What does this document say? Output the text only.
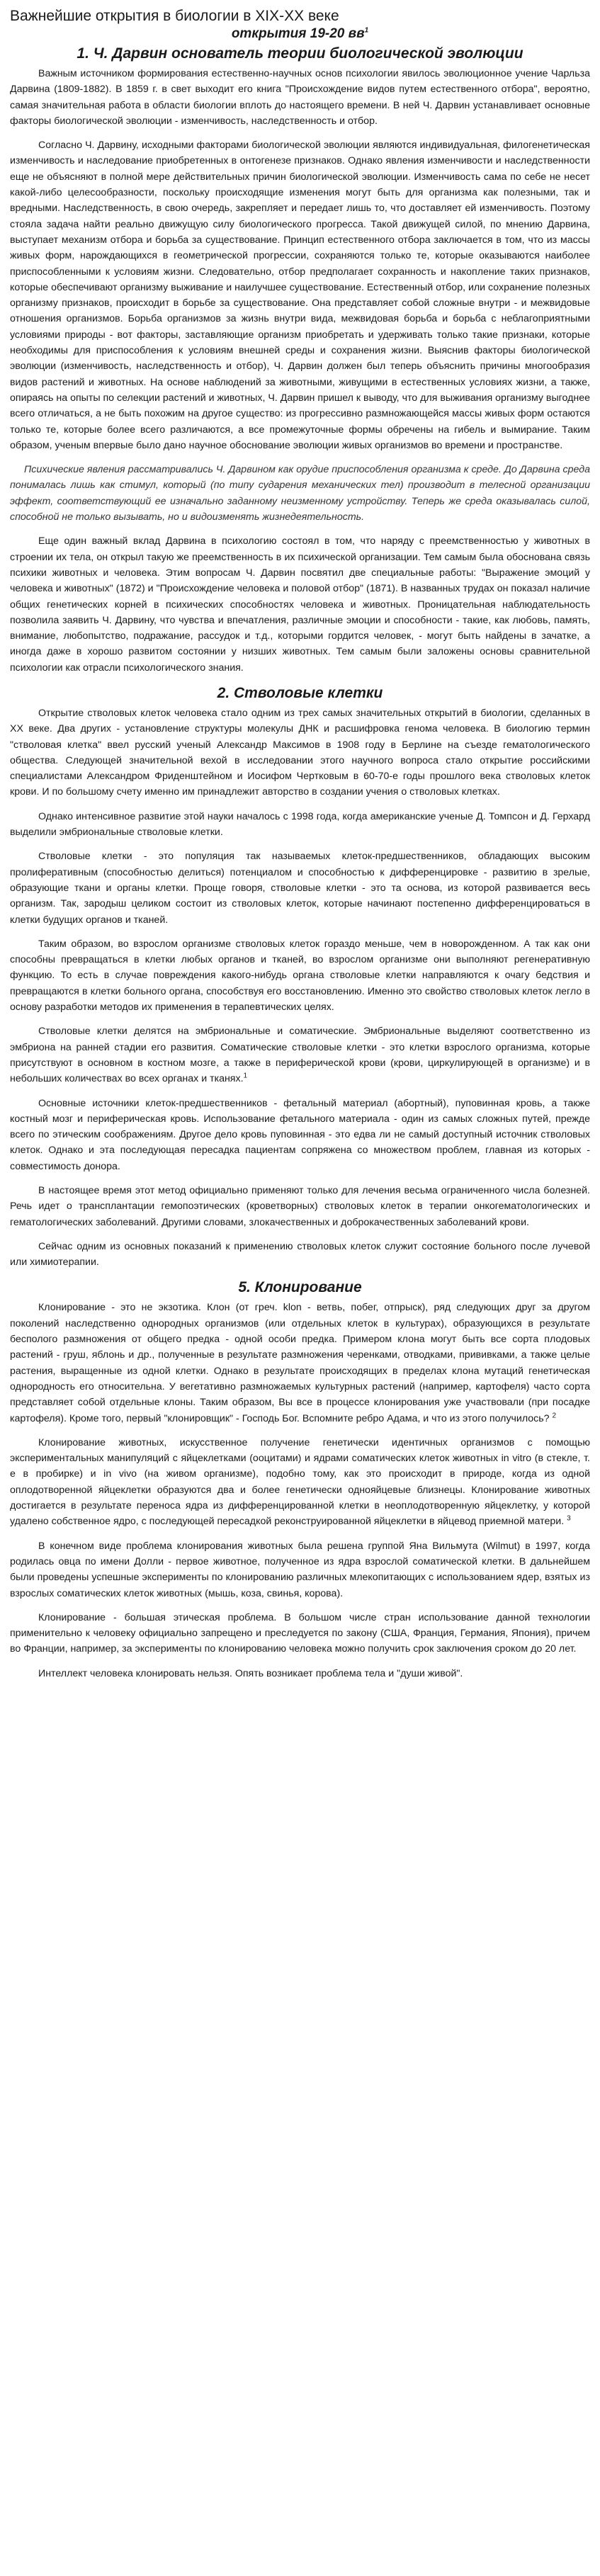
Важнейшие открытия в биологии в XIX-XX веке
открытия 19-20 $вв^1$
1. Ч. Дарвин основатель теории биологической эволюции

Важным источником формирования естественно-научных основ психологии явилось эволюционное учение Чарльза Дарвина (1809-1882). В 1859 г. в свет выходит его книга "Происхождение видов путем естественного отбора", вероятно, самая значительная работа в области биологии вплоть до настоящего времени. В ней Ч. Дарвин устанавливает основные факторы биологической эволюции - изменчивость, наследственность и отбор.

Согласно Ч. Дарвину, исходными факторами биологической эволюции являются индивидуальная, филогенетическая изменчивость и наследование приобретенных в онтогенезе признаков. Однако явления изменчивости и наследственности еще не объясняют в полной мере действительных причин биологической эволюции. Изменчивость сама по себе не несет какой-либо целесообразности, поскольку происходящие изменения могут быть для организма как полезными, так и вредными. Наследственность, в свою очередь, закрепляет и передает лишь то, что доставляет ей изменчивость. Поэтому стояла задача найти реально движущую силу биологического прогресса. Такой движущей силой, по мнению Дарвина, выступает механизм отбора и борьба за существование. Принцип естественного отбора заключается в том, что из массы живых форм, нарождающихся в геометрической прогрессии, сохраняются только те, которые оказываются наиболее приспособленными к условиям жизни. Следовательно, отбор предполагает сохранность и накопление таких признаков, которые обеспечивают организму выживание и наилучшее существование. Естественный отбор, или сохранение полезных организму признаков, происходит в борьбе за существование. Она представляет собой сложные внутри - и межвидовые отношения организмов. Борьба организмов за жизнь внутри вида, межвидовая борьба и борьба с неблагоприятными условиями природы - вот факторы, заставляющие организм приобретать и удерживать только такие признаки, которые необходимы для приспособления к условиям внешней среды и сохранения жизни. Выяснив факторы биологической эволюции (изменчивость, наследственность и отбор), Ч. Дарвин должен был теперь объяснить причины многообразия видов растений и животных. На основе наблюдений за животными, живущими в естественных условиях жизни, а также, опираясь на опыты по селекции растений и животных, Ч. Дарвин пришел к выводу, что для выживания организму выгоднее всего отличаться, а не быть похожим на другое существо: из прогрессивно размножающейся массы живых форм остаются только те, которые более всего различаются, а все промежуточные формы обречены на гибель и вымирание. Таким образом, ученым впервые было дано научное обоснование эволюции живых организмов во времени и пространстве.

Психические явления рассматривались Ч. Дарвином как орудие приспособления организма к среде. До Дарвина среда понималась лишь как стимул, который (по типу сударения механических тел) производит в телесной организации эффект, соответствующий ее изначально заданному неизменному устройству. Теперь же среда оказывалась силой, способной не только вызывать, но и видоизменять жизнедеятельность.

Еще один важный вклад Дарвина в психологию состоял в том, что наряду с преемственностью у животных в строении их тела, он открыл такую же преемственность в их психической организации. Тем самым была обоснована связь психики животных и человека. Этим вопросам Ч. Дарвин посвятил две специальные работы: "Выражение эмоций у человека и животных" (1872) и "Происхождение человека и половой отбор" (1871). В названных трудах он показал наличие общих генетических корней в психических способностях человека и животных. Проницательная наблюдательность позволила заявить Ч. Дарвину, что чувства и впечатления, различные эмоции и способности - такие, как любовь, память, внимание, любопытство, подражание, рассудок и т.д., которыми гордится человек, - могут быть найдены в зачатке, а иногда даже в хорошо развитом состоянии у низших животных. Тем самым были заложены основы сравнительной психологии как отрасли психологического знания.

2. Стволовые клетки

Открытие стволовых клеток человека стало одним из трех самых значительных открытий в биологии, сделанных в XX веке. Два других - установление структуры молекулы ДНК и расшифровка генома человека. В биологию термин "стволовая клетка" ввел русский ученый Александр Максимов в 1908 году в Берлине на съезде гематологического общества. Следующей значительной вехой в исследовании этого научного вопроса стало открытие российскими специалистами Александром Фриденштейном и Иосифом Чертковым в 60-70-е годы прошлого века стволовых клеток крови. И по большому счету именно им принадлежит авторство в создании учения о стволовых клетках.

Однако интенсивное развитие этой науки началось с 1998 года, когда американские ученые Д. Томпсон и Д. Герхард выделили эмбриональные стволовые клетки.

Стволовые клетки - это популяция так называемых клеток-предшественников, обладающих высоким пролиферативным (способностью делиться) потенциалом и способностью к дифференцировке - развитию в зрелые, образующие ткани и органы клетки. Проще говоря, стволовые клетки - это та основа, из которой развивается весь организм. Так, зародыш целиком состоит из стволовых клеток, которые начинают постепенно дифференцироваться в клетки будущих органов и тканей.

Таким образом, во взрослом организме стволовых клеток гораздо меньше, чем в новорожденном. А так как они способны превращаться в клетки любых органов и тканей, во взрослом организме они выполняют регенеративную функцию. То есть в случае повреждения какого-нибудь органа стволовые клетки направляются к очагу бедствия и превращаются в клетки больного органа, способствуя его восстановлению. Именно это свойство стволовых клеток легло в основу разработки методов их применения в терапевтических целях.

Стволовые клетки делятся на эмбриональные и соматические. Эмбриональные выделяют соответственно из эмбриона на ранней стадии его развития. Соматические стволовые клетки - это клетки взрослого организма, которые присутствуют в основном в костном мозге, а также в периферической крови (крови, циркулирующей в организме) и в небольших количествах во всех органах и тканях.$^1$

Основные источники клеток-предшественников - фетальный материал (абортный), пуповинная кровь, а также костный мозг и периферическая кровь. Использование фетального материала - один из самых сложных путей, прежде всего по этическим соображениям. Другое дело кровь пуповинная - это едва ли не самый доступный источник стволовых клеток. Однако и эта последующая пересадка пациентам сопряжена со множеством проблем, главная из которых - совместимость донора.

В настоящее время этот метод официально применяют только для лечения весьма ограниченного числа болезней. Речь идет о трансплантации гемопоэтических (кроветворных) стволовых клеток в терапии онкогематологических и гематологических заболеваний. Другими словами, злокачественных и доброкачественных заболеваний крови.

Сейчас одним из основных показаний к применению стволовых клеток служит состояние больного после лучевой или химиотерапии.

5. Клонирование

Клонирование - это не экзотика. Клон (от греч. klon - ветвь, побег, отпрыск), ряд следующих друг за другом поколений наследственно однородных организмов (или отдельных клеток в культурах), образующихся в результате бесполого размножения от общего предка - одной особи предка. Примером клона могут быть все сорта плодовых растений - груш, яблонь и др., полученные в результате размножения черенками, отводками, прививками, а также целые растения, выращенные из одной клетки. Однако в результате происходящих в пределах клона мутаций генетическая однородность его относительна. У вегетативно размножаемых культурных растений (например, картофеля) часто сорта представляет собой отдельные клоны. Таким образом, Вы все в процессе клонирования уже участвовали (при посадке картофеля). Кроме того, первый "клонировщик" - Господь Бог. Вспомните ребро Адама, и что из этого получилось? $^2$

Клонирование животных, искусственное получение генетически идентичных организмов с помощью экспериментальных манипуляций с яйцеклетками (ооцитами) и ядрами соматических клеток животных in vitro (в стекле, т. е в пробирке) и in vivo (на живом организме), подобно тому, как это происходит в природе, когда из одной оплодотворенной яйцеклетки образуются два и более генетически однояйцевые близнецы. Клонирование животных достигается в результате переноса ядра из дифференцированной клетки в неоплодотворенную яйцеклетку, у которой удалено собственное ядро, с последующей пересадкой реконструированной яйцеклетки в яйцевод приемной матери. $^3$

В конечном виде проблема клонирования животных была решена группой Яна Вильмута (Wilmut) в 1997, когда родилась овца по имени Долли - первое животное, полученное из ядра взрослой соматической клетки. В дальнейшем были проведены успешные эксперименты по клонированию различных млекопитающих с использованием ядер, взятых из взрослых соматических клеток животных (мышь, коза, свинья, корова).

Клонирование - большая этическая проблема. В большом числе стран использование данной технологии применительно к человеку официально запрещено и преследуется по закону (США, Франция, Германия, Япония), причем во Франции, например, за эксперименты по клонированию человека можно получить срок заключения сроком до 20 лет.

Интеллект человека клонировать нельзя. Опять возникает проблема тела и "души живой".
